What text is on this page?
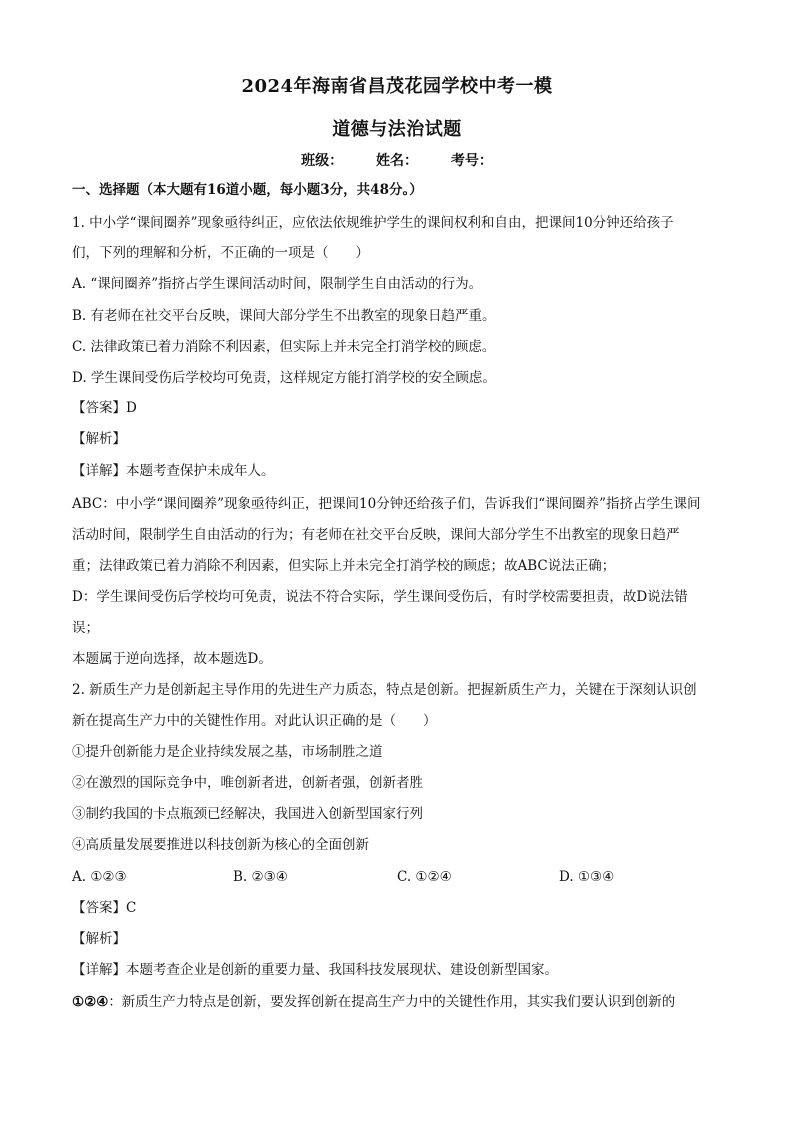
2024年海南省昌茂花园学校中考一模
道德与法治试题
班级： 姓名： 考号：
一、选择题（本大题有16道小题，每小题3分，共48分。）
1. 中小学“课间圈养”现象亟待纠正，应依法依规维护学生的课间权利和自由，把课间10分钟还给孩子
们，下列的理解和分析，不正确的一项是（　　）
A. “课间圈养”指挤占学生课间活动时间，限制学生自由活动的行为。
B. 有老师在社交平台反映，课间大部分学生不出教室的现象日趋严重。
C. 法律政策已着力消除不利因素，但实际上并未完全打消学校的顾虑。
D. 学生课间受伤后学校均可免责，这样规定方能打消学校的安全顾虑。
【答案】D
【解析】
【详解】本题考查保护未成年人。
ABC：中小学“课间圈养”现象亟待纠正，把课间10分钟还给孩子们，告诉我们“课间圈养”指挤占学生课间
活动时间，限制学生自由活动的行为；有老师在社交平台反映，课间大部分学生不出教室的现象日趋严
重；法律政策已着力消除不利因素，但实际上并未完全打消学校的顾虑；故ABC说法正确；
D：学生课间受伤后学校均可免责，说法不符合实际，学生课间受伤后，有时学校需要担责，故D说法错
误；
本题属于逆向选择，故本题选D。
2. 新质生产力是创新起主导作用的先进生产力质态，特点是创新。把握新质生产力，关键在于深刻认识创
新在提高生产力中的关键性作用。对此认识正确的是（　　）
①提升创新能力是企业持续发展之基，市场制胜之道
②在激烈的国际竞争中，唯创新者进，创新者强，创新者胜
③制约我国的卡点瓶颈已经解决，我国进入创新型国家行列
④高质量发展要推进以科技创新为核心的全面创新
A. ①②③	B. ②③④	C. ①②④	D. ①③④
【答案】C
【解析】
【详解】本题考查企业是创新的重要力量、我国科技发展现状、建设创新型国家。
①②④：新质生产力特点是创新，要发挥创新在提高生产力中的关键性作用，其实我们要认识到创新的
